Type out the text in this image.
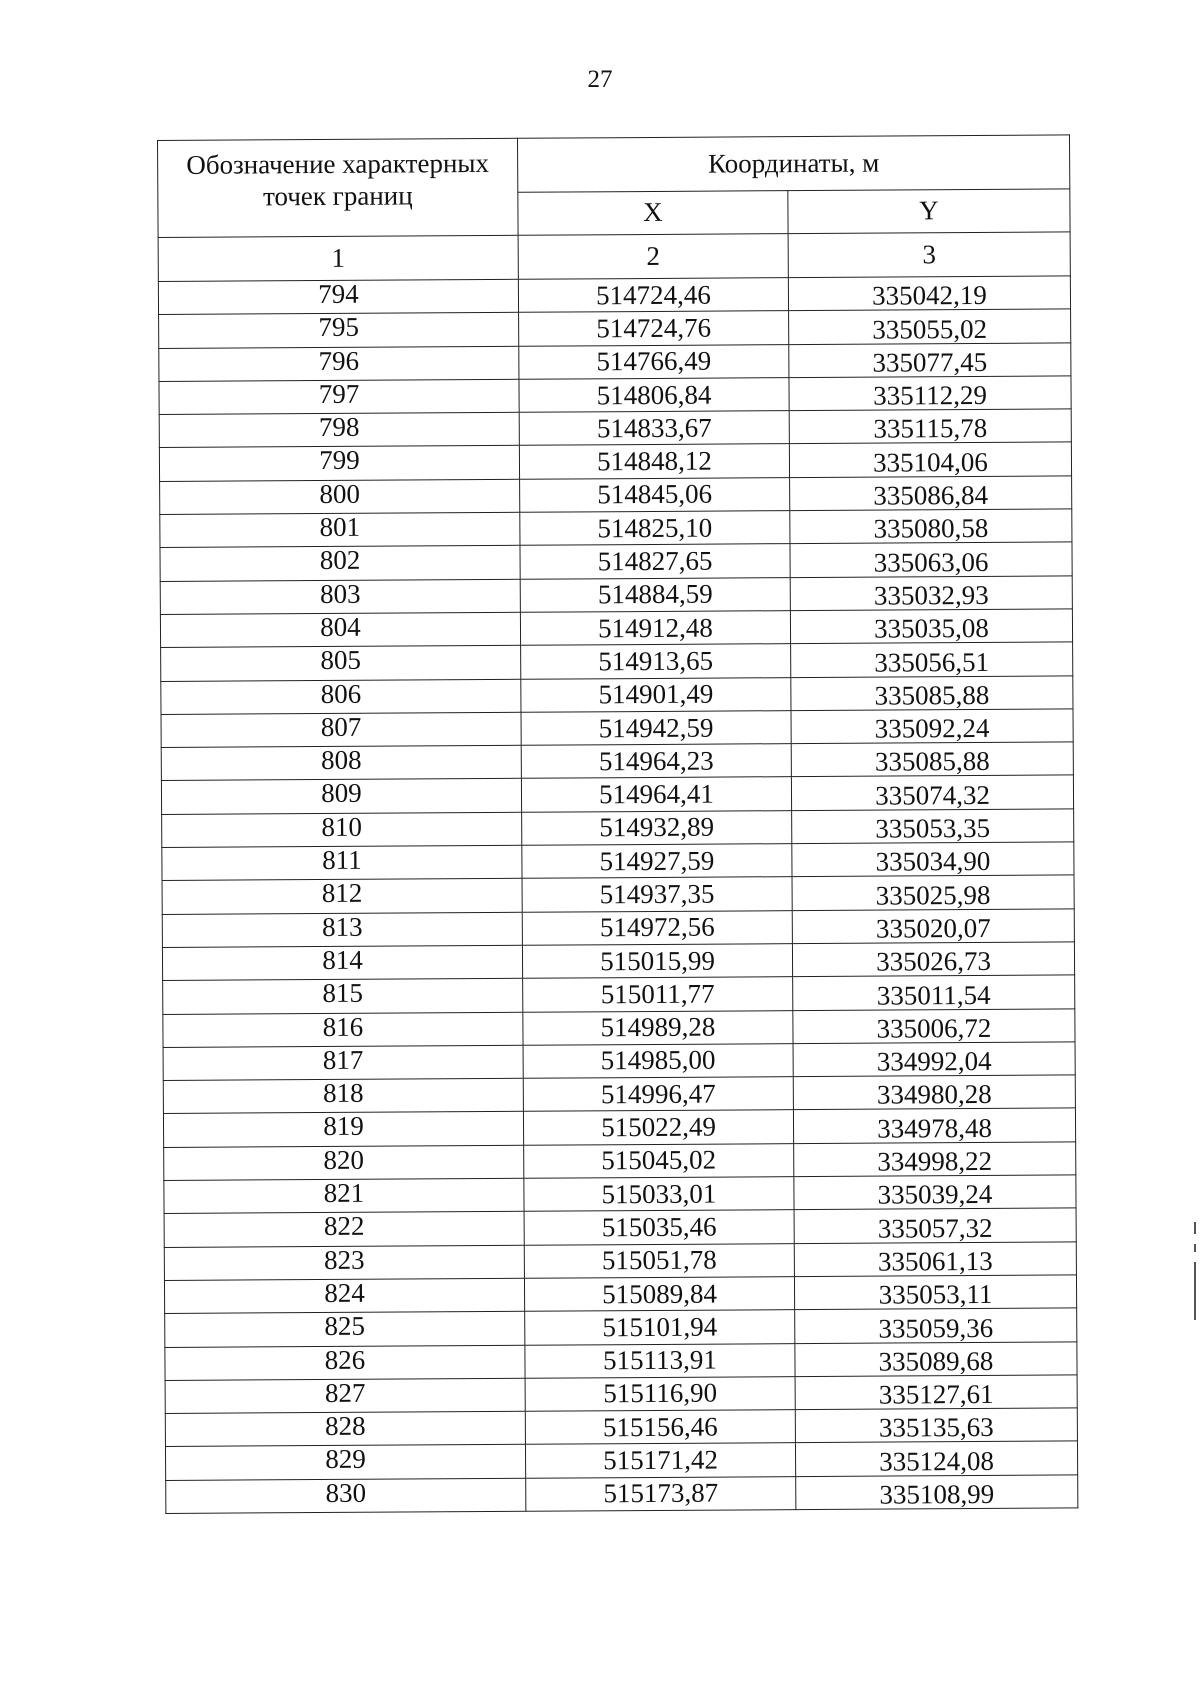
27
Обозначение характерных точек границ	Координаты, м	
	X	Y
1	2	3
794	514724,46	335042,19
795	514724,76	335055,02
796	514766,49	335077,45
797	514806,84	335112,29
798	514833,67	335115,78
799	514848,12	335104,06
800	514845,06	335086,84
801	514825,10	335080,58
802	514827,65	335063,06
803	514884,59	335032,93
804	514912,48	335035,08
805	514913,65	335056,51
806	514901,49	335085,88
807	514942,59	335092,24
808	514964,23	335085,88
809	514964,41	335074,32
810	514932,89	335053,35
811	514927,59	335034,90
812	514937,35	335025,98
813	514972,56	335020,07
814	515015,99	335026,73
815	515011,77	335011,54
816	514989,28	335006,72
817	514985,00	334992,04
818	514996,47	334980,28
819	515022,49	334978,48
820	515045,02	334998,22
821	515033,01	335039,24
822	515035,46	335057,32
823	515051,78	335061,13
824	515089,84	335053,11
825	515101,94	335059,36
826	515113,91	335089,68
827	515116,90	335127,61
828	515156,46	335135,63
829	515171,42	335124,08
830	515173,87	335108,99
